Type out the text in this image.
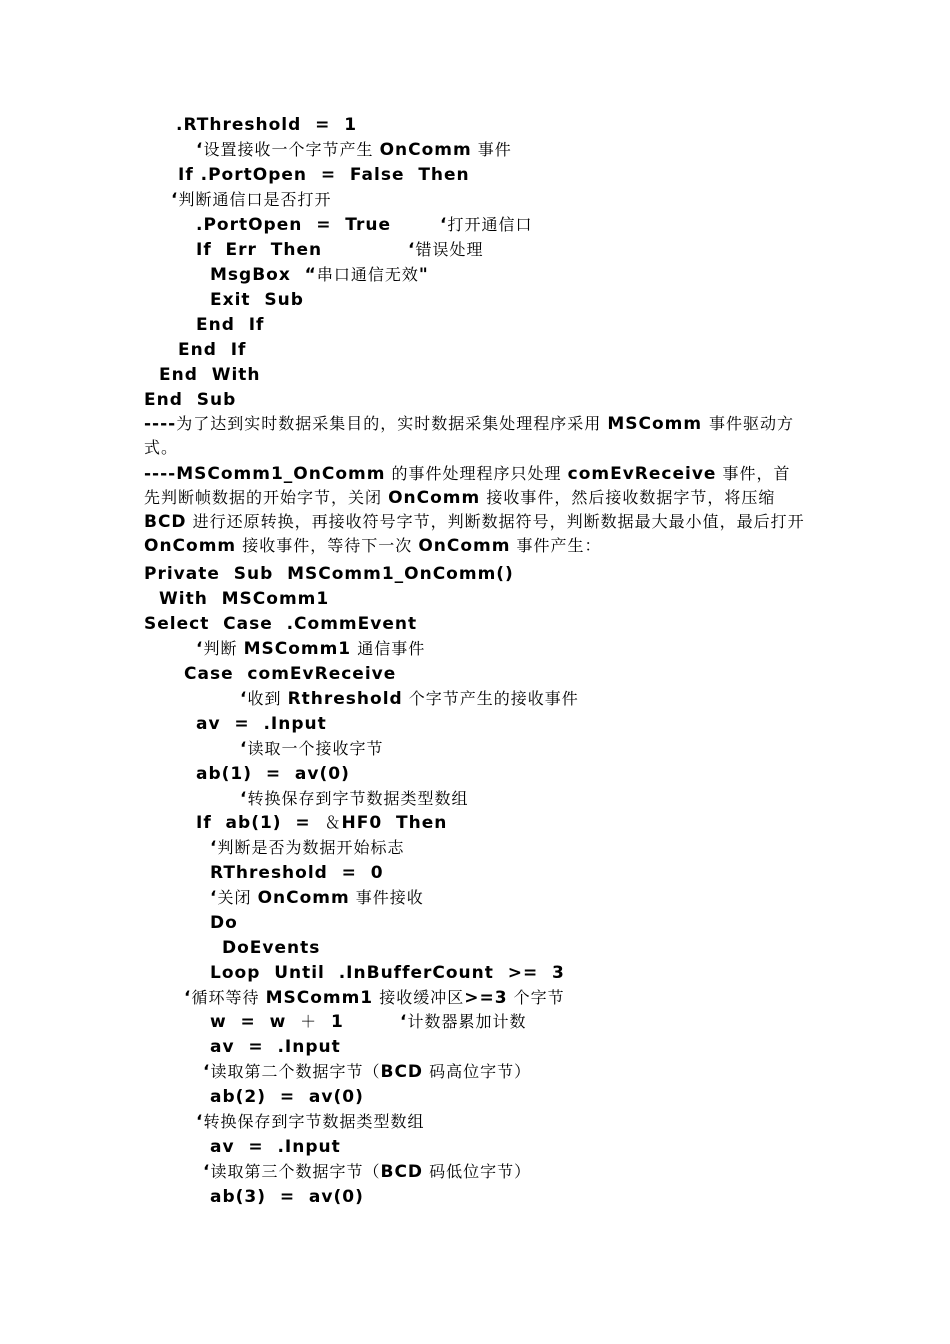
.RThreshold  =  1
‘设置接收一个字节产生 OnComm 事件
If .PortOpen  =  False  Then
‘判断通信口是否打开
.PortOpen  =  True	‘打开通信口
If  Err  Then	‘错误处理
MsgBox  “串口通信无效"
Exit  Sub
End  If
End  If
End  With
End  Sub
----为了达到实时数据采集目的，实时数据采集处理程序采用 MSComm 事件驱动方式。
----MSComm1_OnComm 的事件处理程序只处理 comEvReceive 事件，首先判断帧数据的开始字节，关闭 OnComm 接收事件，然后接收数据字节，将压缩 BCD 进行还原转换，再接收符号字节，判断数据符号，判断数据最大最小值，最后打开 OnComm 接收事件，等待下一次 OnComm 事件产生：
Private  Sub  MSComm1_OnComm()
With  MSComm1
Select  Case  .CommEvent
‘判断 MSComm1 通信事件
Case  comEvReceive
‘收到 Rthreshold 个字节产生的接收事件
av  =  .Input
‘读取一个接收字节
ab(1)  =  av(0)
‘转换保存到字节数据类型数组
If  ab(1)  =  ＆HF0  Then
‘判断是否为数据开始标志
RThreshold  =  0
‘关闭 OnComm 事件接收
Do
DoEvents
Loop  Until  .InBufferCount  >=  3
‘循环等待 MSComm1 接收缓冲区>=3 个字节
w  =  w  ＋  1	‘计数器累加计数
av  =  .Input
‘读取第二个数据字节（BCD 码高位字节）
ab(2)  =  av(0)
‘转换保存到字节数据类型数组
av  =  .Input
‘读取第三个数据字节（BCD 码低位字节）
ab(3)  =  av(0)
